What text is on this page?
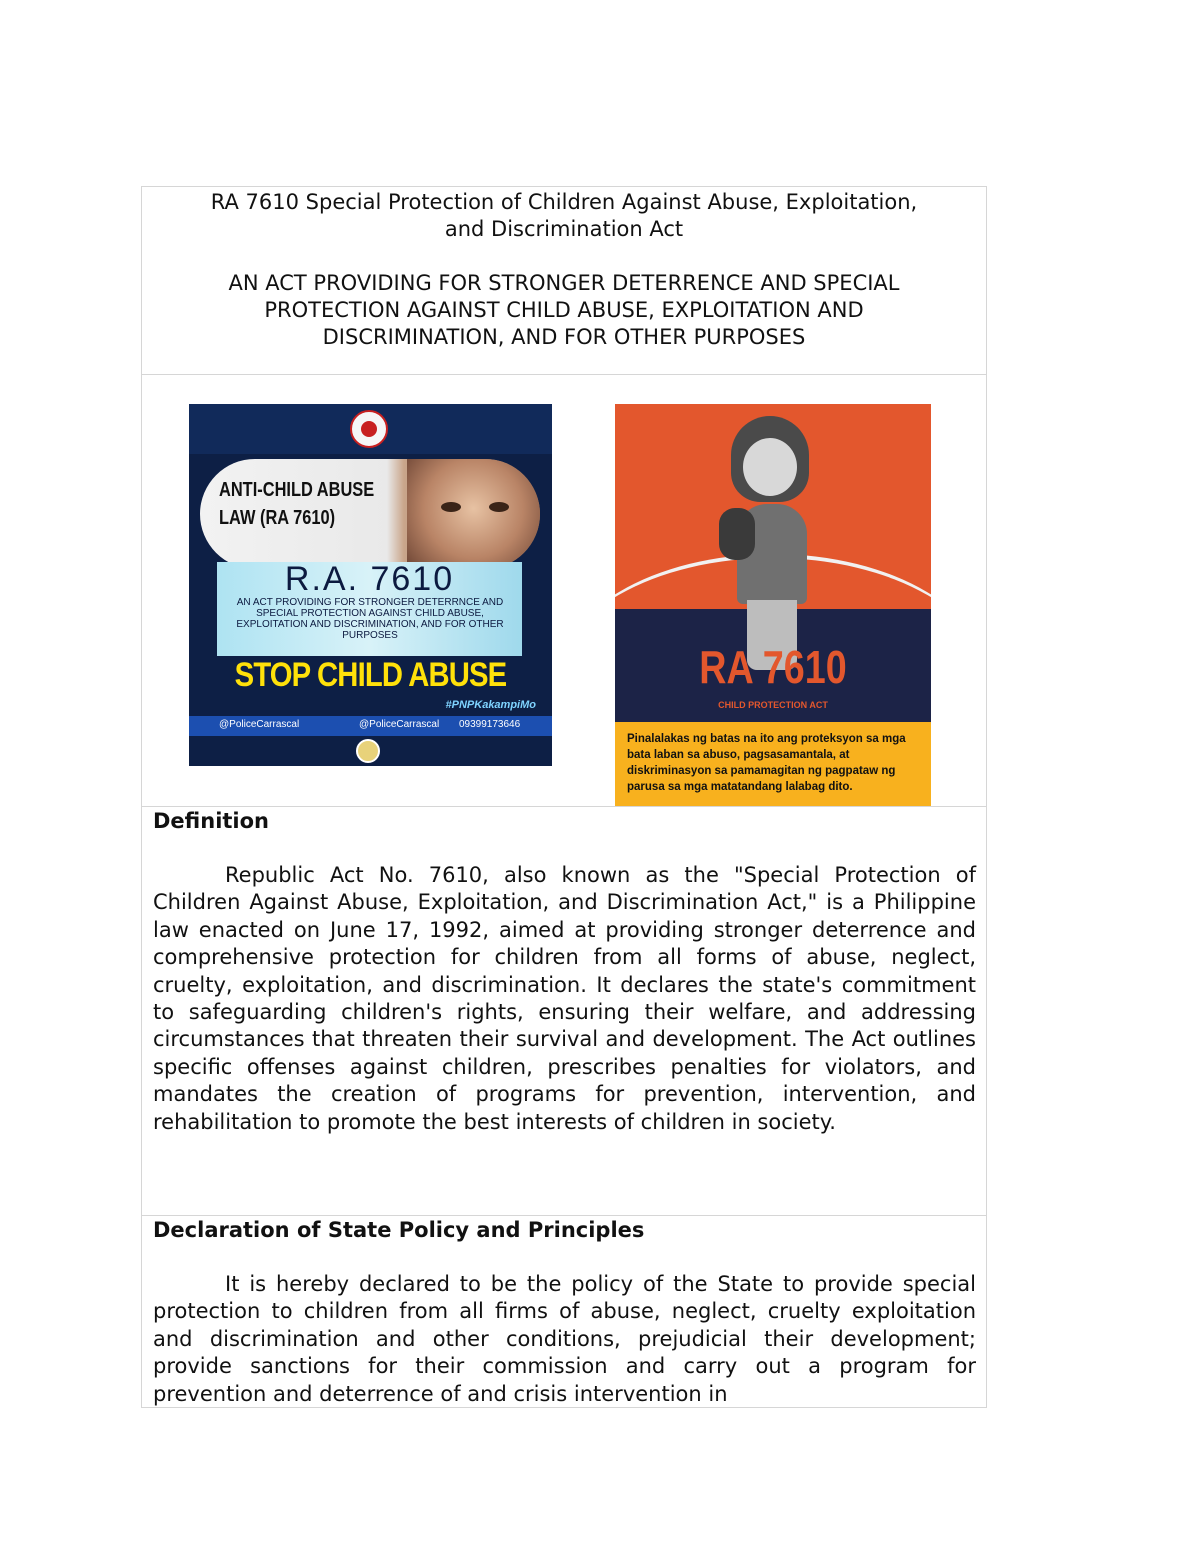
RA 7610 Special Protection of Children Against Abuse, Exploitation,

and Discrimination Act

AN ACT PROVIDING FOR STRONGER DETERRENCE AND SPECIAL

PROTECTION AGAINST CHILD ABUSE, EXPLOITATION AND

DISCRIMINATION, AND FOR OTHER PURPOSES

ANTI-CHILD ABUSE
LAW (RA 7610)
R.A. 7610
AN ACT PROVIDING FOR STRONGER DETERRNCE AND SPECIAL PROTECTION AGAINST CHILD ABUSE, EXPLOITATION AND DISCRIMINATION, AND FOR OTHER PURPOSES
STOP CHILD ABUSE
#PNPKakampiMo
@PoliceCarrascal	@PoliceCarrascal 09399173646
RA 7610
CHILD PROTECTION ACT
Pinalalakas ng batas na ito ang proteksyon sa mga bata laban sa abuso, pagsasamantala, at diskriminasyon sa pamamagitan ng pagpataw ng parusa sa mga matatandang lalabag dito.

Definition

Republic Act No. 7610, also known as the "Special Protection of Children Against Abuse, Exploitation, and Discrimination Act," is a Philippine law enacted on June 17, 1992, aimed at providing stronger deterrence and comprehensive protection for children from all forms of abuse, neglect, cruelty, exploitation, and discrimination. It declares the state's commitment to safeguarding children's rights, ensuring their welfare, and addressing circumstances that threaten their survival and development. The Act outlines specific offenses against children, prescribes penalties for violators, and mandates the creation of programs for prevention, intervention, and rehabilitation to promote the best interests of children in society.

Declaration of State Policy and Principles

It is hereby declared to be the policy of the State to provide special protection to children from all firms of abuse, neglect, cruelty exploitation and discrimination and other conditions, prejudicial their development; provide sanctions for their commission and carry out a program for prevention and deterrence of and crisis intervention in
